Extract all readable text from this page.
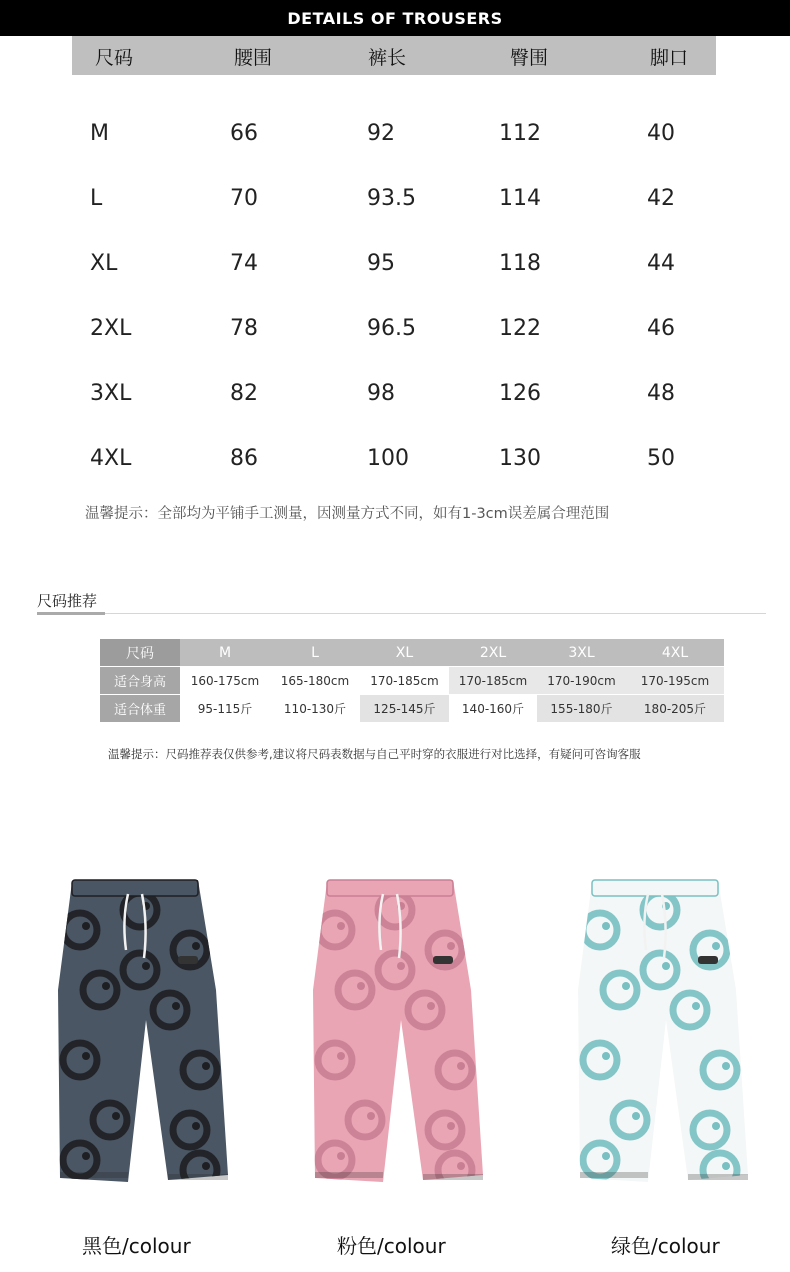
DETAILS OF TROUSERS
尺码	腰围	裤长	臀围	脚口
M	66	92	112	40
L	70	93.5	114	42
XL	74	95	118	44
2XL	78	96.5	122	46
3XL	82	98	126	48
4XL	86	100	130	50
温馨提示：全部均为平铺手工测量，因测量方式不同，如有1-3cm误差属合理范围
尺码推荐
尺码	M	L	XL	2XL	3XL	4XL
适合身高	160-175cm	165-180cm	170-185cm	170-185cm	170-190cm	170-195cm
适合体重	95-115斤	110-130斤	125-145斤	140-160斤	155-180斤	180-205斤
温馨提示：尺码推荐表仅供参考,建议将尺码表数据与自己平时穿的衣服进行对比选择，有疑问可咨询客服
黑色/colour	粉色/colour	绿色/colour
